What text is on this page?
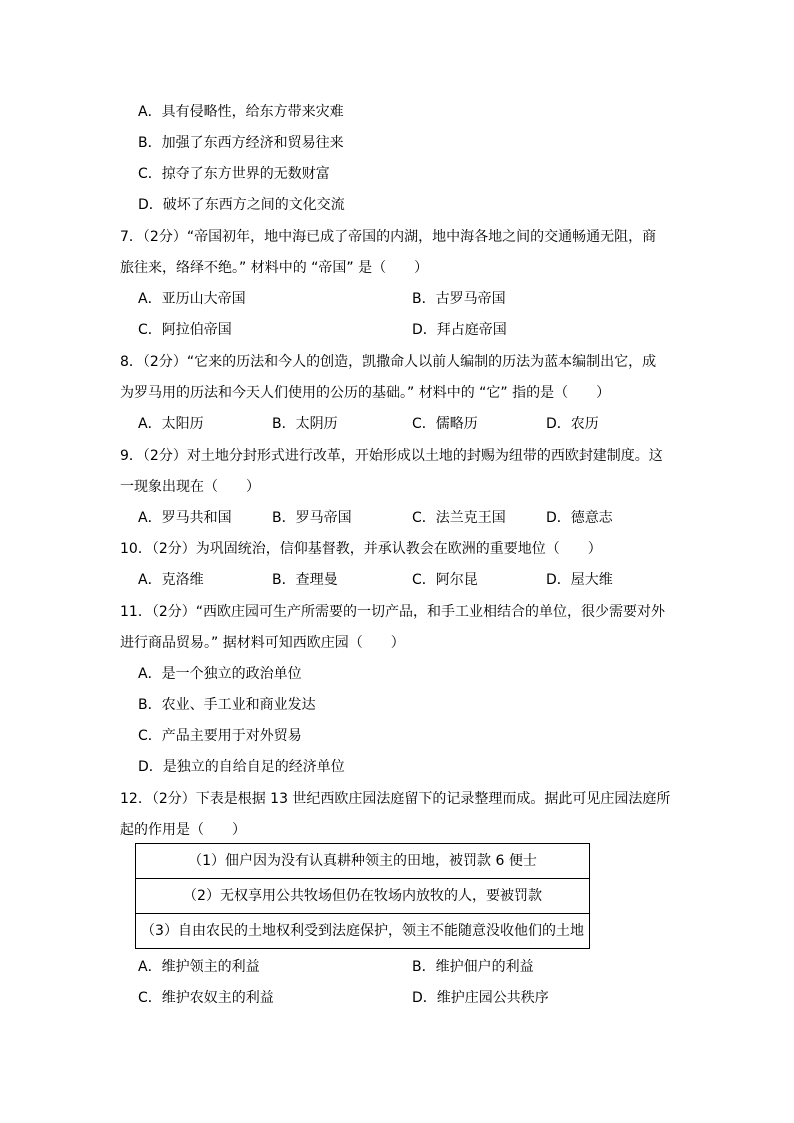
A．具有侵略性，给东方带来灾难
B．加强了东西方经济和贸易往来
C．掠夺了东方世界的无数财富
D．破坏了东西方之间的文化交流
7．（2分）“帝国初年，地中海已成了帝国的内湖，地中海各地之间的交通畅通无阻，商
旅往来，络绎不绝。” 材料中的 “帝国” 是（　　）
A．亚历山大帝国	B．古罗马帝国
C．阿拉伯帝国	D．拜占庭帝国
8．（2分）“它来的历法和今人的创造，凯撒命人以前人编制的历法为蓝本编制出它，成
为罗马用的历法和今天人们使用的公历的基础。” 材料中的 “它” 指的是（　　）
A．太阳历	B．太阴历	C．儒略历	D．农历
9．（2分）对土地分封形式进行改革，开始形成以土地的封赐为纽带的西欧封建制度。这
一现象出现在（　　）
A．罗马共和国	B．罗马帝国	C．法兰克王国	D．德意志
10．（2分）为巩固统治，信仰基督教，并承认教会在欧洲的重要地位（　　）
A．克洛维	B．查理曼	C．阿尔昆	D．屋大维
11．（2分）“西欧庄园可生产所需要的一切产品，和手工业相结合的单位，很少需要对外
进行商品贸易。” 据材料可知西欧庄园（　　）
A．是一个独立的政治单位
B．农业、手工业和商业发达
C．产品主要用于对外贸易
D．是独立的自给自足的经济单位
12．（2分）下表是根据 13 世纪西欧庄园法庭留下的记录整理而成。据此可见庄园法庭所
起的作用是（　　）
（1）佃户因为没有认真耕种领主的田地，被罚款 6 便士
（2）无权享用公共牧场但仍在牧场内放牧的人，要被罚款
（3）自由农民的土地权利受到法庭保护，领主不能随意没收他们的土地
A．维护领主的利益	B．维护佃户的利益
C．维护农奴主的利益	D．维护庄园公共秩序
